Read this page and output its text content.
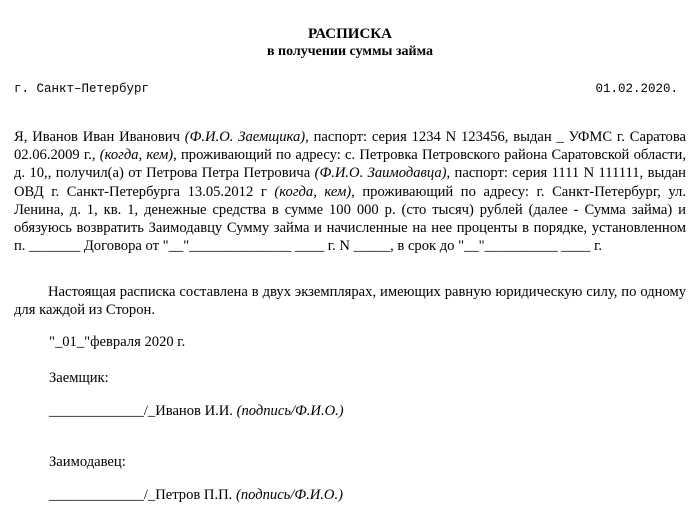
РАСПИСКА
в получении суммы займа
г. Санкт–Петербург	01.02.2020.
Я, Иванов Иван Иванович (Ф.И.О. Заемщика), паспорт: серия 1234 N 123456, выдан _ УФМС г. Саратова 02.06.2009 г., (когда, кем), проживающий по адресу: с. Петровка Петровского района Саратовской области, д. 10,, получил(а) от Петрова Петра Петровича (Ф.И.О. Заимодавца), паспорт: серия 1111 N 111111, выдан ОВД г. Санкт-Петербурга 13.05.2012 г (когда, кем), проживающий по адресу: г. Санкт-Петербург, ул. Ленина, д. 1, кв. 1, денежные средства в сумме 100 000 р. (сто тысяч) рублей (далее - Сумма займа) и обязуюсь возвратить Заимодавцу Сумму займа и начисленные на нее проценты в порядке, установленном п. _______ Договора от "__"______________ ____ г. N _____, в срок до "__"__________ ____ г.
Настоящая расписка составлена в двух экземплярах, имеющих равную юридическую силу, по одному для каждой из Сторон.
"_01_"февраля 2020 г.
Заемщик:
_____________/_Иванов И.И. (подпись/Ф.И.О.)
Заимодавец:
_____________/_Петров П.П. (подпись/Ф.И.О.)
